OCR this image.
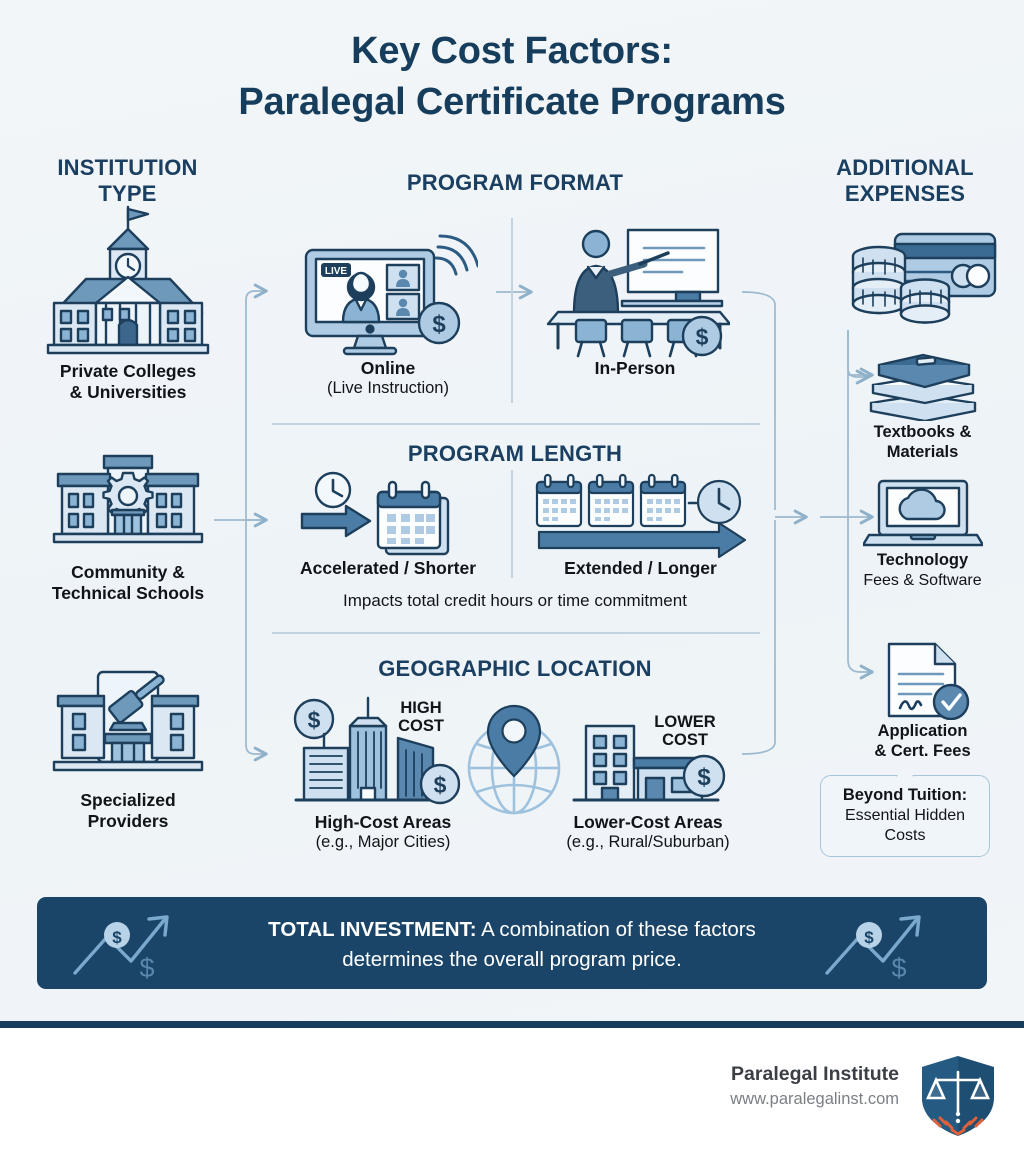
Key Cost Factors:
Paralegal Certificate Programs
INSTITUTION
TYPE
ADDITIONAL
EXPENSES
PROGRAM FORMAT
PROGRAM LENGTH
GEOGRAPHIC LOCATION
Private Colleges
& Universities
Community &
Technical Schools
Specialized
Providers
LIVE
$
Online
(Live Instruction)
$
In-Person
Accelerated / Shorter	Extended / Longer
Impacts total credit hours or time commitment
$
$
High-Cost Areas
(e.g., Major Cities)
HIGH
COST	LOWER
COST
$
Lower-Cost Areas
(e.g., Rural/Suburban)
Textbooks &
Materials
Technology
Fees & Software
Application
& Cert. Fees
Beyond Tuition:
Essential Hidden Costs
$
$
TOTAL INVESTMENT: A combination of these factors determines the overall program price.
$
$
Paralegal Institute
www.paralegalinst.com
